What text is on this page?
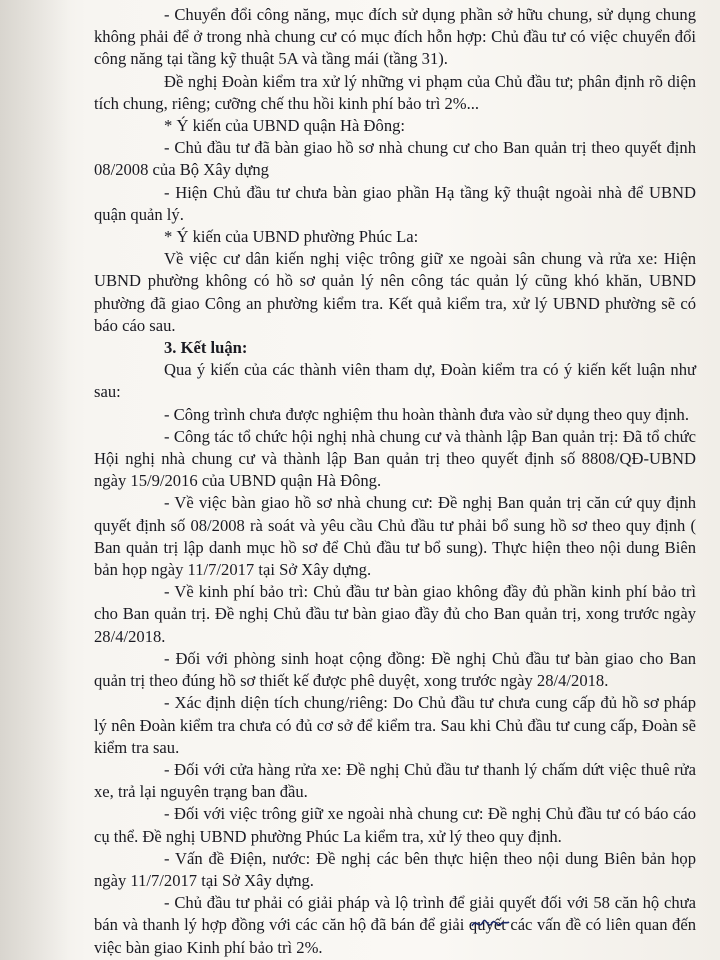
- Chuyển đổi công năng, mục đích sử dụng phần sở hữu chung, sử dụng chung không phải để ở trong nhà chung cư có mục đích hỗn hợp: Chủ đầu tư có việc chuyển đổi công năng tại tầng kỹ thuật 5A và tầng mái (tầng 31).

Đề nghị Đoàn kiểm tra xử lý những vi phạm của Chủ đầu tư; phân định rõ diện tích chung, riêng; cưỡng chế thu hồi kinh phí bảo trì 2%...

* Ý kiến của UBND quận Hà Đông:

- Chủ đầu tư đã bàn giao hồ sơ nhà chung cư cho Ban quản trị theo quyết định 08/2008 của Bộ Xây dựng

- Hiện Chủ đầu tư chưa bàn giao phần Hạ tầng kỹ thuật ngoài nhà để UBND quận quản lý.

* Ý kiến của UBND phường Phúc La:

Về việc cư dân kiến nghị việc trông giữ xe ngoài sân chung và rửa xe: Hiện UBND phường không có hồ sơ quản lý nên công tác quản lý cũng khó khăn, UBND phường đã giao Công an phường kiểm tra. Kết quả kiểm tra, xử lý UBND phường sẽ có báo cáo sau.

3. Kết luận:

Qua ý kiến của các thành viên tham dự, Đoàn kiểm tra có ý kiến kết luận như sau:

- Công trình chưa được nghiệm thu hoàn thành đưa vào sử dụng theo quy định.

- Công tác tổ chức hội nghị nhà chung cư và thành lập Ban quản trị: Đã tổ chức Hội nghị nhà chung cư và thành lập Ban quản trị theo quyết định số 8808/QĐ-UBND ngày 15/9/2016 của UBND quận Hà Đông.

- Về việc bàn giao hồ sơ nhà chung cư: Đề nghị Ban quản trị căn cứ quy định quyết định số 08/2008 rà soát và yêu cầu Chủ đầu tư phải bổ sung hồ sơ theo quy định ( Ban quản trị lập danh mục hồ sơ để Chủ đầu tư bổ sung). Thực hiện theo nội dung Biên bản họp ngày 11/7/2017 tại Sở Xây dựng.

- Về kinh phí bảo trì: Chủ đầu tư bàn giao không đầy đủ phần kinh phí bảo trì cho Ban quản trị. Đề nghị Chủ đầu tư bàn giao đầy đủ cho Ban quản trị, xong trước ngày 28/4/2018.

- Đối với phòng sinh hoạt cộng đồng: Đề nghị Chủ đầu tư bàn giao cho Ban quản trị theo đúng hồ sơ thiết kế được phê duyệt, xong trước ngày 28/4/2018.

- Xác định diện tích chung/riêng: Do Chủ đầu tư chưa cung cấp đủ hồ sơ pháp lý nên Đoàn kiểm tra chưa có đủ cơ sở để kiểm tra. Sau khi Chủ đầu tư cung cấp, Đoàn sẽ kiểm tra sau.

- Đối với cửa hàng rửa xe: Đề nghị Chủ đầu tư thanh lý chấm dứt việc thuê rửa xe, trả lại nguyên trạng ban đầu.

- Đối với việc trông giữ xe ngoài nhà chung cư: Đề nghị Chủ đầu tư có báo cáo cụ thể. Đề nghị UBND phường Phúc La kiểm tra, xử lý theo quy định.

- Vấn đề Điện, nước: Đề nghị các bên thực hiện theo nội dung Biên bản họp ngày 11/7/2017 tại Sở Xây dựng.

- Chủ đầu tư phải có giải pháp và lộ trình để giải quyết đối với 58 căn hộ chưa bán và thanh lý hợp đồng với các căn hộ đã bán để giải quyết các vấn đề có liên quan đến việc bàn giao Kinh phí bảo trì 2%.
